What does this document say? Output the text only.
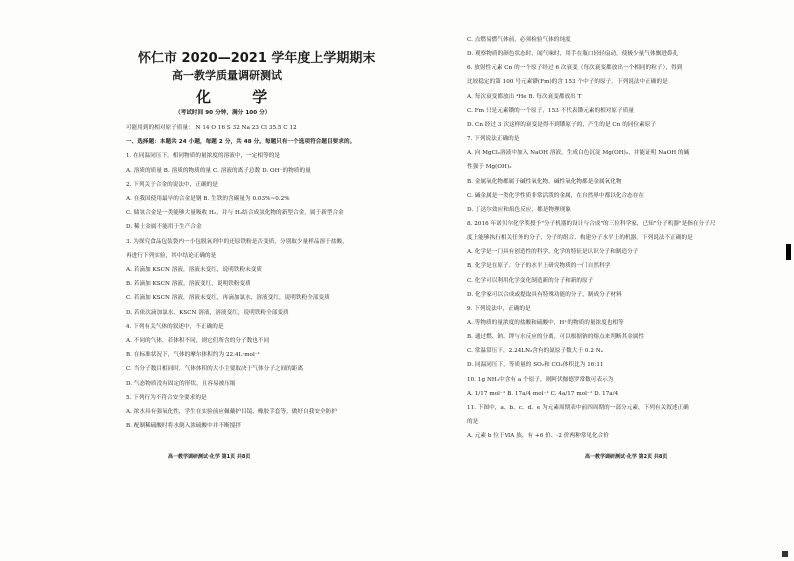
怀仁市 2020—2021 学年度上学期期末
高一教学质量调研测试
化 学
（考试时间 90 分钟，满分 100 分）
可能用到的相对原子质量： N 14 O 16 S 32 Na 23 Cl 35.5 C 12
一、选择题：本题共 24 小题，每题 2 分，共 48 分。每题只有一个选项符合题目要求的。
1. 在同温同压下，相同物质的量浓度的溶液中，一定相等的是
A. 溶质的质量 B. 溶质的物质的量 C. 溶液的离子总数 D. OH⁻的物质的量
2. 下列关于合金的说法中，正确的是
A. 在我国使用最早的合金是钢 B. 生铁的含碳量为 0.03%~0.2%
C. 储氢合金是一类能够大量吸收 H₂，并与 H₂结合成氢化物的新型合金，属于新型合金
D. 稀土金属不能用于生产合金
3. 为探究食品包装袋内一小包脱氧剂中的还原铁粉是否变质，分别取少量样品溶于盐酸，
再进行下列实验，其中结论正确的是
A. 若滴加 KSCN 溶液，溶液未变红，说明铁粉未变质
B. 若滴加 KSCN 溶液，溶液变红，说明铁粉变质
C. 若滴加 KSCN 溶液，溶液未变红，再滴加氯水，溶液变红，说明铁粉全部变质
D. 若依次滴加氯水、KSCN 溶液，溶液变红，说明铁粉全部变质
4. 下列有关气体的叙述中，不正确的是
A. 不同的气体，若体积不同，则它们所含的分子数也不同
B. 在标准状况下，气体的摩尔体积约为 22.4L·mol⁻¹
C. 当分子数目相同时，气体体积的大小主要取决于气体分子之间的距离
D. 气态物质没有固定的形状，且容易被压缩
5. 下列行为不符合安全要求的是
A. 浓水具有强氧化性，学生在实验前应佩戴护目镜、橡胶手套等，做好自我安全防护
B. 配制稀硫酸时将水倒入浓硫酸中并不断搅拌
高一教学调研测试·化学 第1页 共8页
C. 点燃易燃气体前，必须检验气体的纯度
D. 观察物质的颜色状态时，闻气味时，用手在瓶口轻轻扇动，使极少量气体飘进鼻孔
6. 放射性元素 Cn 的一个原子经过 6 次衰变（每次衰变都放出一个相同的粒子），得到
比较稳定的第 100 号元素镄(Fm)的含 153 个中子的原子。下列说法中正确的是
A. 每次衰变都放出 ⁴He B. 每次衰变都放出 T
C. Fm 只是元素镄的一个原子，153 不代表镄元素的相对原子质量
D. Cn 经过 3 次这样的衰变是得不到镄原子的，产生的是 Cn 的同位素原子
7. 下列说法正确的是
A. 向 MgCl₂溶液中加入 NaOH 溶液，生成白色沉淀 Mg(OH)₂，并能证明 NaOH 的碱
性强于 Mg(OH)₂
B. 金属氧化物都属于碱性氧化物，碱性氧化物都是金属氧化物
C. 碱金属是一类化学性质非常活泼的金属，在自然界中都以化合态存在
D. 丁达尔效应和焰色反应，都是物理现象
8. 2016 年诺贝尔化学奖授予"分子机器的设计与合成"的三位科学家，已知"分子机器"是指在分子尺
度上能够执行相关任务的分子，分子的组合、构建分子水平上的机器。下列说法不正确的是
A. 化学是一门具有创造性的科学，化学的特征是认识分子和制造分子
B. 化学是在原子、分子的水平上研究物质的一门自然科学
C. 化学可以利用化学变化制造新的分子和新的原子
D. 化学家可以合成或提取具有特殊功能的分子，制成分子材料
9. 下列说法中，正确的是
A. 等物质的量浓度的盐酸和硫酸中，H⁺的物质的量浓度也相等
B. 通过燃、钠、钾与水反应的分离，可以根据钠的熔点来判断其金属性
C. 常温常压下，2.24LN₂含有的氮原子数大于 0.2 Nₐ
D. 同温同压下，等质量的 SO₂和 CO₂体积比为 16:11
10. 1g NH₃中含有 a 个原子，则阿伏伽德罗常数可表示为
A. 1/17 mol⁻¹ B. 17a/4 mol⁻¹ C. 4a/17 mol⁻¹ D. 17a/4
11. 下图中，a、b、c、d、e 为元素周期表中前四周期的一部分元素，下列有关叙述正确
的是
A. 元素 b 位于ⅥA 族，有 +6 价、-2 价两种常见化合价
高一教学调研测试·化学 第2页 共8页
